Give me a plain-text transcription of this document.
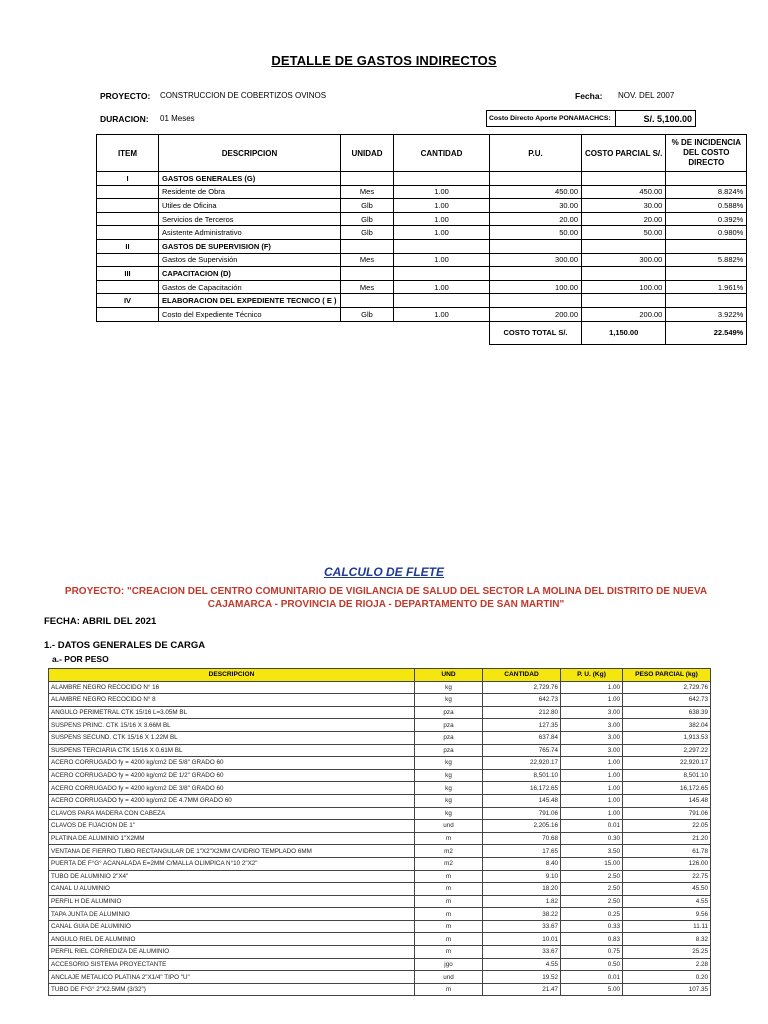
DETALLE DE GASTOS INDIRECTOS
PROYECTO: CONSTRUCCION DE COBERTIZOS OVINOS	Fecha: NOV. DEL 2007
DURACION: 01 Meses	Costo Directo Aporte PONAMACHCS:	S/. 5,100.00
ITEM	DESCRIPCION	UNIDAD	CANTIDAD	P.U.	COSTO PARCIAL S/.	% DE INCIDENCIA DEL COSTO DIRECTO
I	GASTOS GENERALES (G)					
	Residente de Obra	Mes	1.00	450.00	450.00	8.824%
	Utiles de Oficina	Glb	1.00	30.00	30.00	0.588%
	Servicios de Terceros	Glb	1.00	20.00	20.00	0.392%
	Asistente Administrativo	Glb	1.00	50.00	50.00	0.980%
II	GASTOS DE SUPERVISION (F)					
	Gastos de Supervisión	Mes	1.00	300.00	300.00	5.882%
III	CAPACITACION (D)					
	Gastos de Capacitación	Mes	1.00	100.00	100.00	1.961%
IV	ELABORACION DEL EXPEDIENTE TECNICO ( E )					
	Costo del Expediente Técnico	Glb	1.00	200.00	200.00	3.922%
				COSTO TOTAL S/.	1,150.00	22.549%
CALCULO DE FLETE
PROYECTO: "CREACION DEL CENTRO COMUNITARIO DE VIGILANCIA DE SALUD DEL SECTOR LA MOLINA DEL DISTRITO DE NUEVA CAJAMARCA - PROVINCIA DE RIOJA - DEPARTAMENTO DE SAN MARTIN"
FECHA: ABRIL DEL 2021
1.- DATOS GENERALES DE CARGA
a.- POR PESO
DESCRIPCION	UND	CANTIDAD	P. U. (Kg)	PESO PARCIAL (kg)
ALAMBRE NEGRO RECOCIDO N° 16	kg	2,729.76	1.00	2,729.76
ALAMBRE NEGRO RECOCIDO N° 8	kg	642.73	1.00	642.73
ANGULO PERIMETRAL CTK 15/16 L=3.05M BL	pza	212.80	3.00	638.39
SUSPENS PRINC. CTK 15/16 X 3.66M BL	pza	127.35	3.00	382.04
SUSPENS SECUND. CTK 15/16 X 1.22M BL	pza	637.84	3.00	1,913.53
SUSPENS TERCIARIA CTK 15/16 X 0.61M BL	pza	765.74	3.00	2,297.22
ACERO CORRUGADO fy = 4200 kg/cm2 DE 5/8" GRADO 60	kg	22,920.17	1.00	22,920.17
ACERO CORRUGADO fy = 4200 kg/cm2 DE 1/2" GRADO 60	kg	8,501.10	1.00	8,501.10
ACERO CORRUGADO fy = 4200 kg/cm2 DE 3/8" GRADO 60	kg	16,172.65	1.00	16,172.65
ACERO CORRUGADO fy = 4200 kg/cm2 DE 4.7MM GRADO 60	kg	145.48	1.00	145.48
CLAVOS PARA MADERA CON CABEZA	kg	791.06	1.00	791.06
CLAVOS DE FIJACION DE 1"	und	2,205.16	0.01	22.05
PLATINA DE ALUMINIO 1"X2MM	m	70.68	0.30	21.20
VENTANA DE FIERRO TUBO RECTANGULAR DE 1"X2"X2MM C/VIDRIO TEMPLADO 6MM	m2	17.65	3.50	61.78
PUERTA DE F°G° ACANALADA E=2MM C/MALLA OLIMPICA N°10 2"X2"	m2	8.40	15.00	126.00
TUBO DE ALUMINIO 2"X4"	m	9.10	2.50	22.75
CANAL U ALUMINIO	m	18.20	2.50	45.50
PERFIL H DE ALUMINIO	m	1.82	2.50	4.55
TAPA JUNTA DE ALUMINIO	m	38.22	0.25	9.56
CANAL GUIA DE ALUMINIO	m	33.67	0.33	11.11
ANGULO RIEL DE ALUMINIO	m	10.01	0.83	8.32
PERFIL RIEL CORREDIZA DE ALUMINIO	m	33.67	0.75	25.25
ACCESORIO SISTEMA PROYECTANTE	jgo	4.55	0.50	2.28
ANCLAJE METALICO PLATINA 2"X1/4" TIPO "U"	und	19.52	0.01	0.20
TUBO DE F°G° 2"X2.5MM (3/32")	m	21.47	5.00	107.35
